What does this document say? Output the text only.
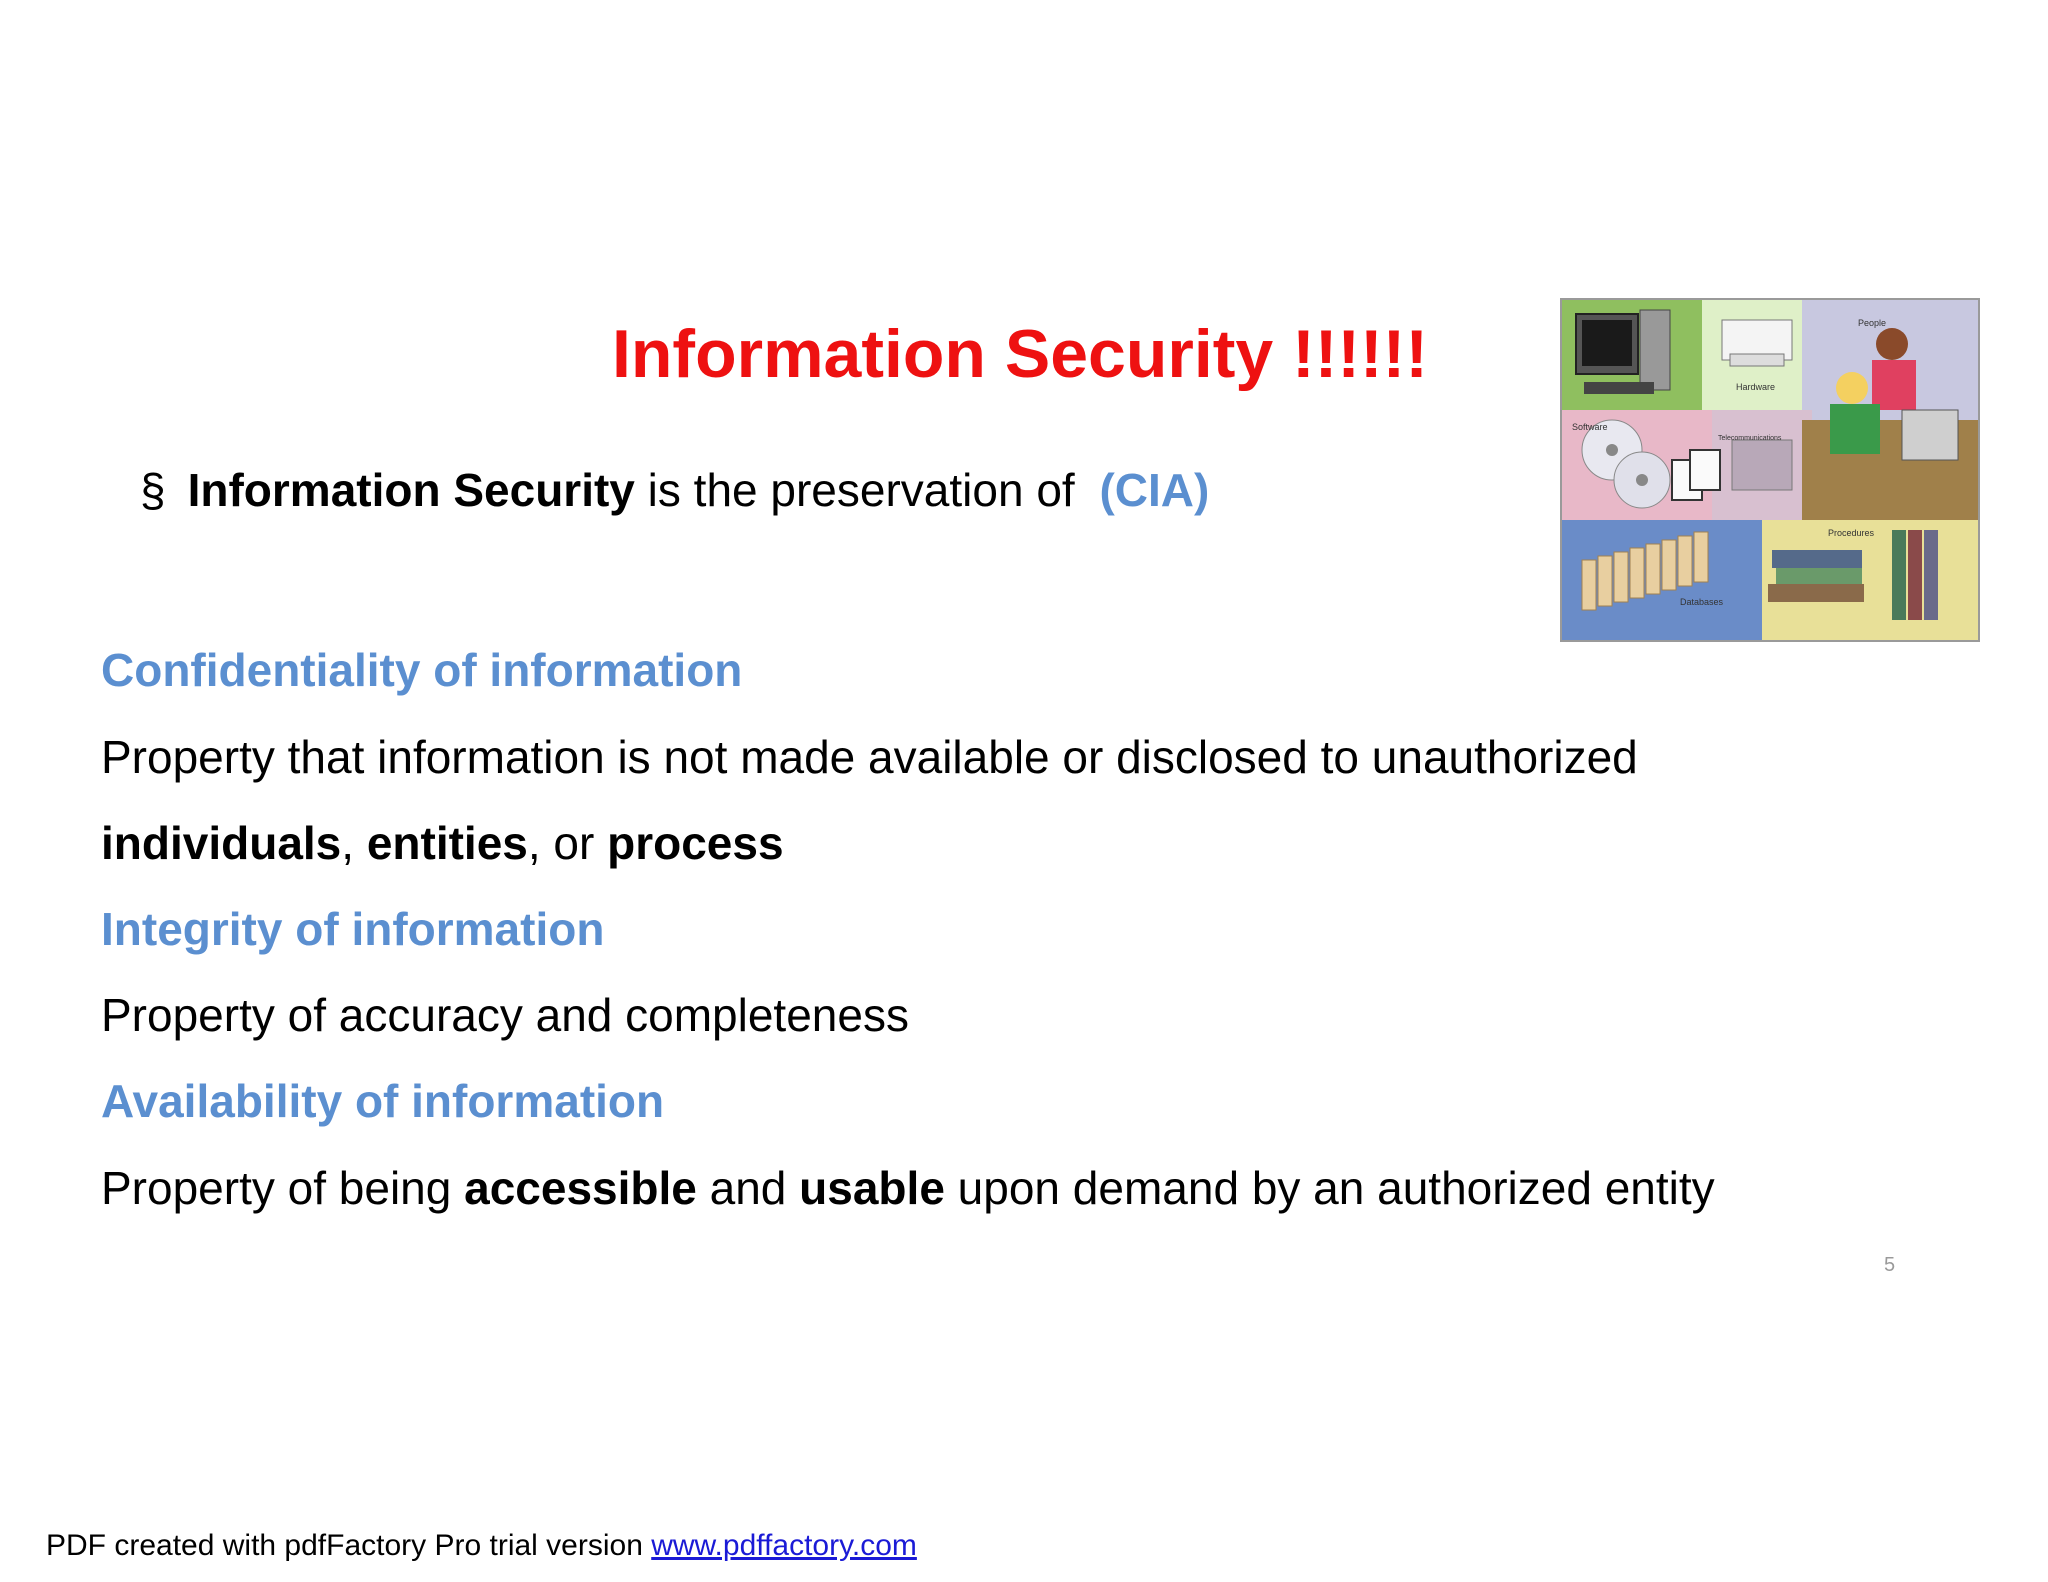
Information Security !!!!!!
§ Information Security is the preservation of (CIA)
People
Hardware
Software
Telecommunications
Procedures
Databases
Confidentiality of information
Property that information is not made available or disclosed to unauthorized
individuals, entities, or process
Integrity of information
Property of accuracy and completeness
Availability of information
Property of being accessible and usable upon demand by an authorized entity
5
PDF created with pdfFactory Pro trial version www.pdffactory.com
